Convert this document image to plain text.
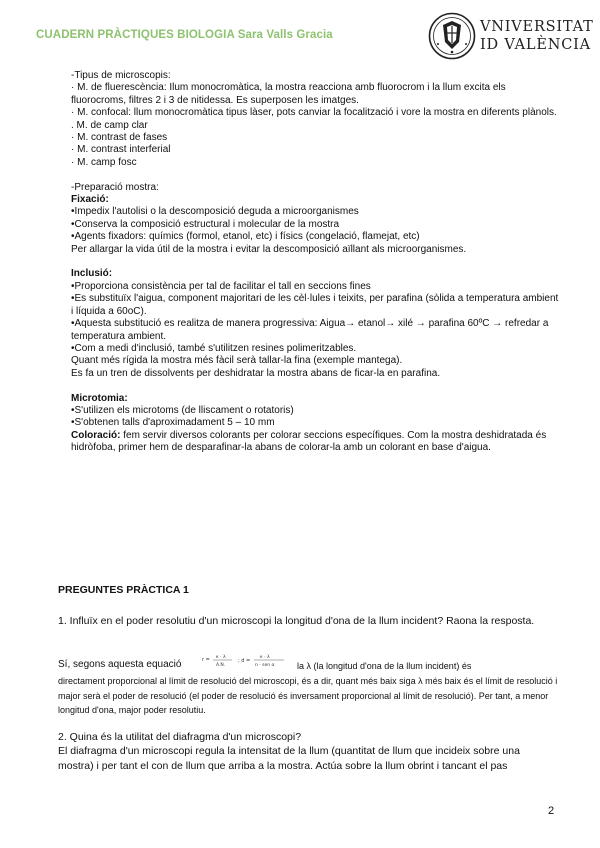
CUADERN PRÀCTIQUES BIOLOGIA Sara Valls Gracia	VNIVERSITAT
ID VALÈNCIA

-Tipus de microscopis:

· M. de fluerescència: Ilum monocromàtica, la mostra reacciona amb fluorocrom i la llum excita els fluorocroms, filtres 2 i 3 de nitidessa. Es superposen les imatges.

· M. confocal: llum monocromàtica tipus làser, pots canviar la focalització i vore la mostra en diferents plànols.

. M. de camp clar

· M. contrast de fases

· M. contrast interferial

· M. camp fosc

-Preparació mostra:

Fixació:

•Impedix l'autolisi o la descomposició deguda a microorganismes

•Conserva la composició estructural i molecular de la mostra

•Agents fixadors: químics (formol, etanol, etc) i físics (congelació, flamejat, etc)

Per allargar la vida útil de la mostra i evitar la descomposició aïllant als microorganismes.

Inclusió:

•Proporciona consistència per tal de facilitar el tall en seccions fines

•Es substituïx l'aigua, component majoritari de les cèl·lules i teixits, per parafina (sòlida a temperatura ambient i líquida a 60oC).

•Aquesta substitució es realitza de manera progressiva: Aigua→ etanol→ xilé → parafina 60ºC → refredar a temperatura ambient.

•Com a medi d'inclusió, també s'utilitzen resines polimeritzables.

Quant més rígida la mostra més fàcil serà tallar-la fina (exemple mantega).

Es fa un tren de dissolvents per deshidratar la mostra abans de ficar-la en parafina.

Microtomia:

•S'utilizen els microtoms (de lliscament o rotatoris)

•S'obtenen talls d'aproximadament 5 – 10 mm

Coloració: fem servir diversos colorants per colorar seccions específiques. Com la mostra deshidratada és hidròfoba, primer hem de desparafinar-la abans de colorar-la amb un colorant en base d'aigua.

PREGUNTES PRÀCTICA 1
1. Influïx en el poder resolutiu d'un microscopi la longitud d'ona de la llum incident? Raona la resposta.
Sí, segons aquesta equació	r = κ · λ
A.N.
; d =
κ · λ
n · sen α la λ (la longitud d'ona de la llum incident) és
directament proporcional al límit de resolució del microscopi, és a dir, quant més baix siga λ més baix és el límit de resolució i major serà el poder de resolució (el poder de resolució és inversament proporcional al límit de resolució). Per tant, a menor longitud d'ona, major poder resolutiu.
2. Quina és la utilitat del diafragma d'un microscopi?
El diafragma d'un microscopi regula la intensitat de la llum (quantitat de llum que incideix sobre una mostra) i per tant el con de llum que arriba a la mostra. Actúa sobre la llum obrint i tancant el pas
2
